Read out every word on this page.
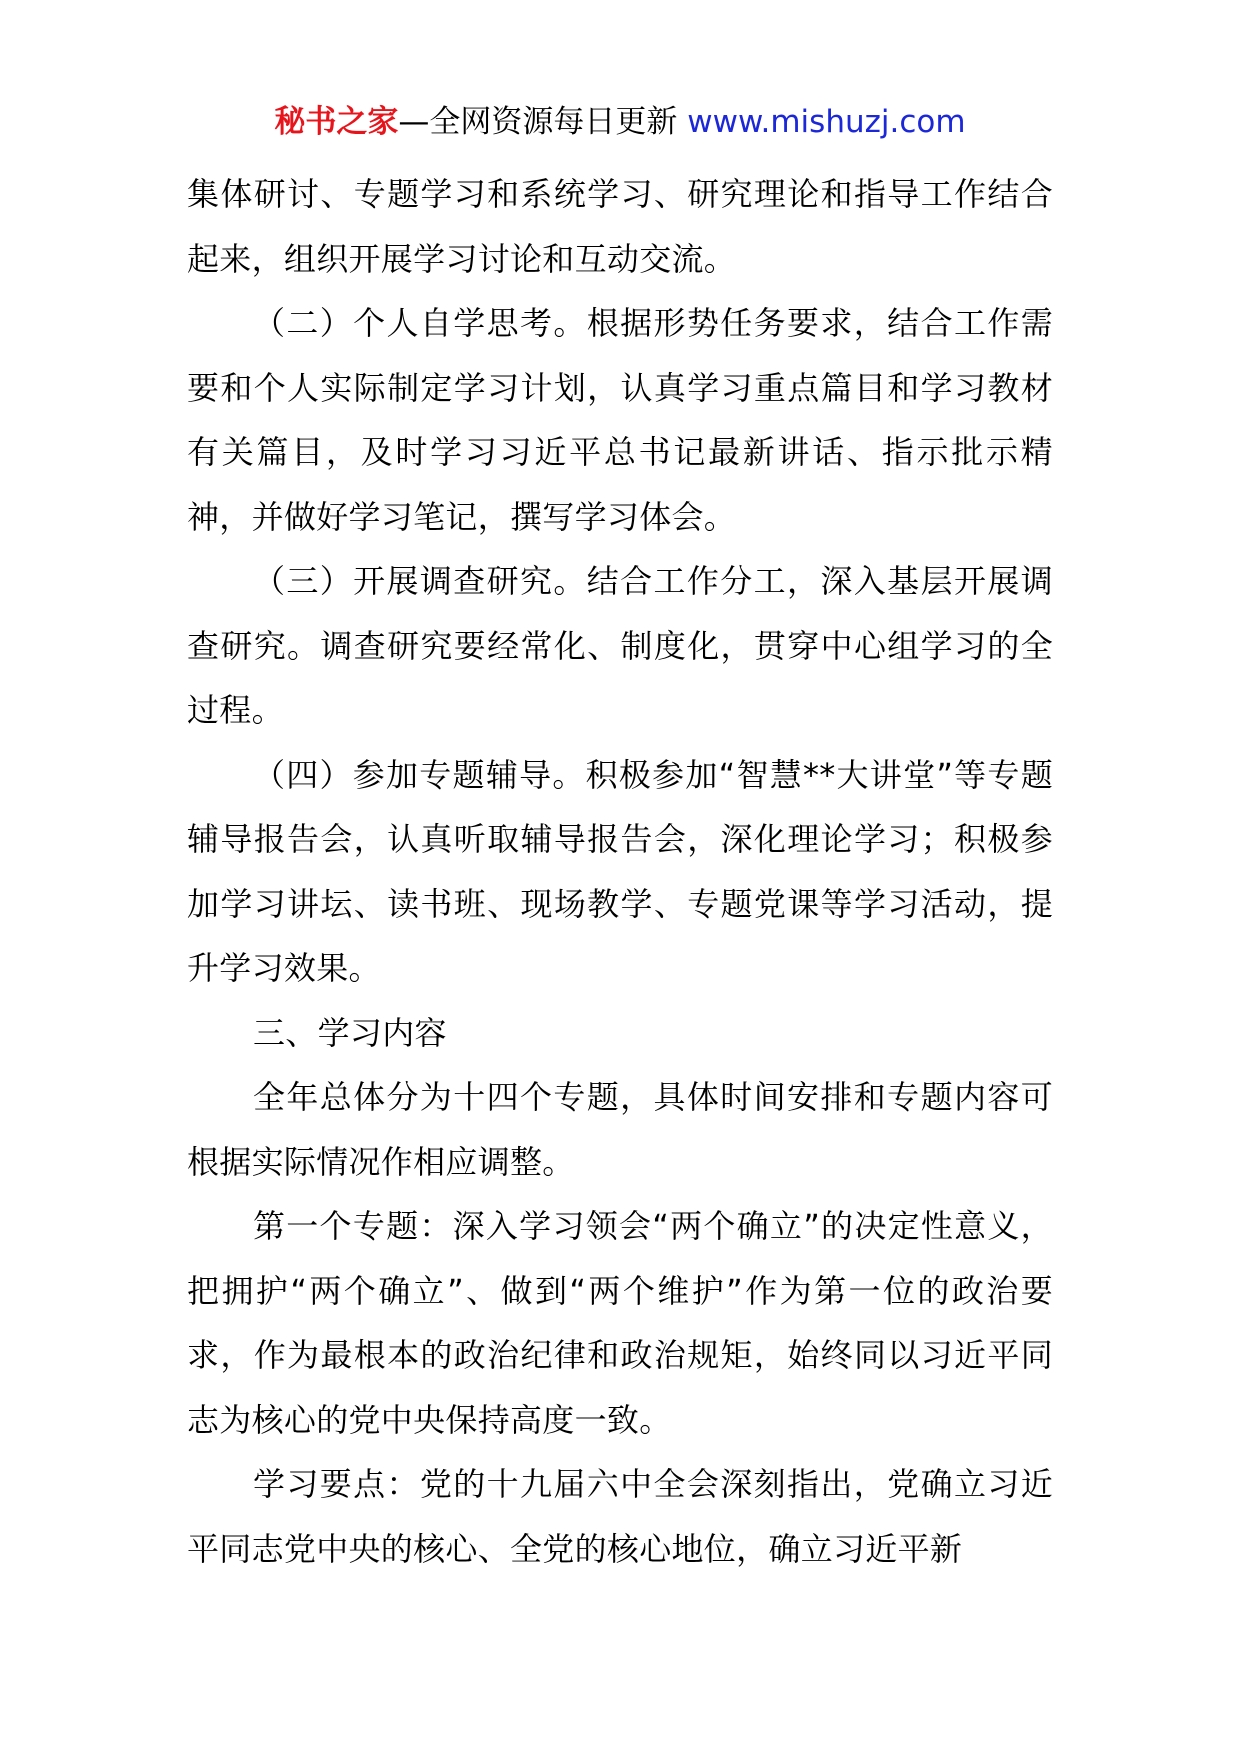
秘书之家—全网资源每日更新 www.mishuzj.com

集体研讨、专题学习和系统学习、研究理论和指导工作结合起来，组织开展学习讨论和互动交流。

（二）个人自学思考。根据形势任务要求，结合工作需要和个人实际制定学习计划，认真学习重点篇目和学习教材有关篇目，及时学习习近平总书记最新讲话、指示批示精神，并做好学习笔记，撰写学习体会。

（三）开展调查研究。结合工作分工，深入基层开展调查研究。调查研究要经常化、制度化，贯穿中心组学习的全过程。

（四）参加专题辅导。积极参加“智慧**大讲堂”等专题辅导报告会，认真听取辅导报告会，深化理论学习；积极参加学习讲坛、读书班、现场教学、专题党课等学习活动，提升学习效果。

三、学习内容

全年总体分为十四个专题，具体时间安排和专题内容可根据实际情况作相应调整。

第一个专题：深入学习领会“两个确立”的决定性意义，把拥护“两个确立”、做到“两个维护”作为第一位的政治要求，作为最根本的政治纪律和政治规矩，始终同以习近平同志为核心的党中央保持高度一致。

学习要点：党的十九届六中全会深刻指出，党确立习近平同志党中央的核心、全党的核心地位，确立习近平新
